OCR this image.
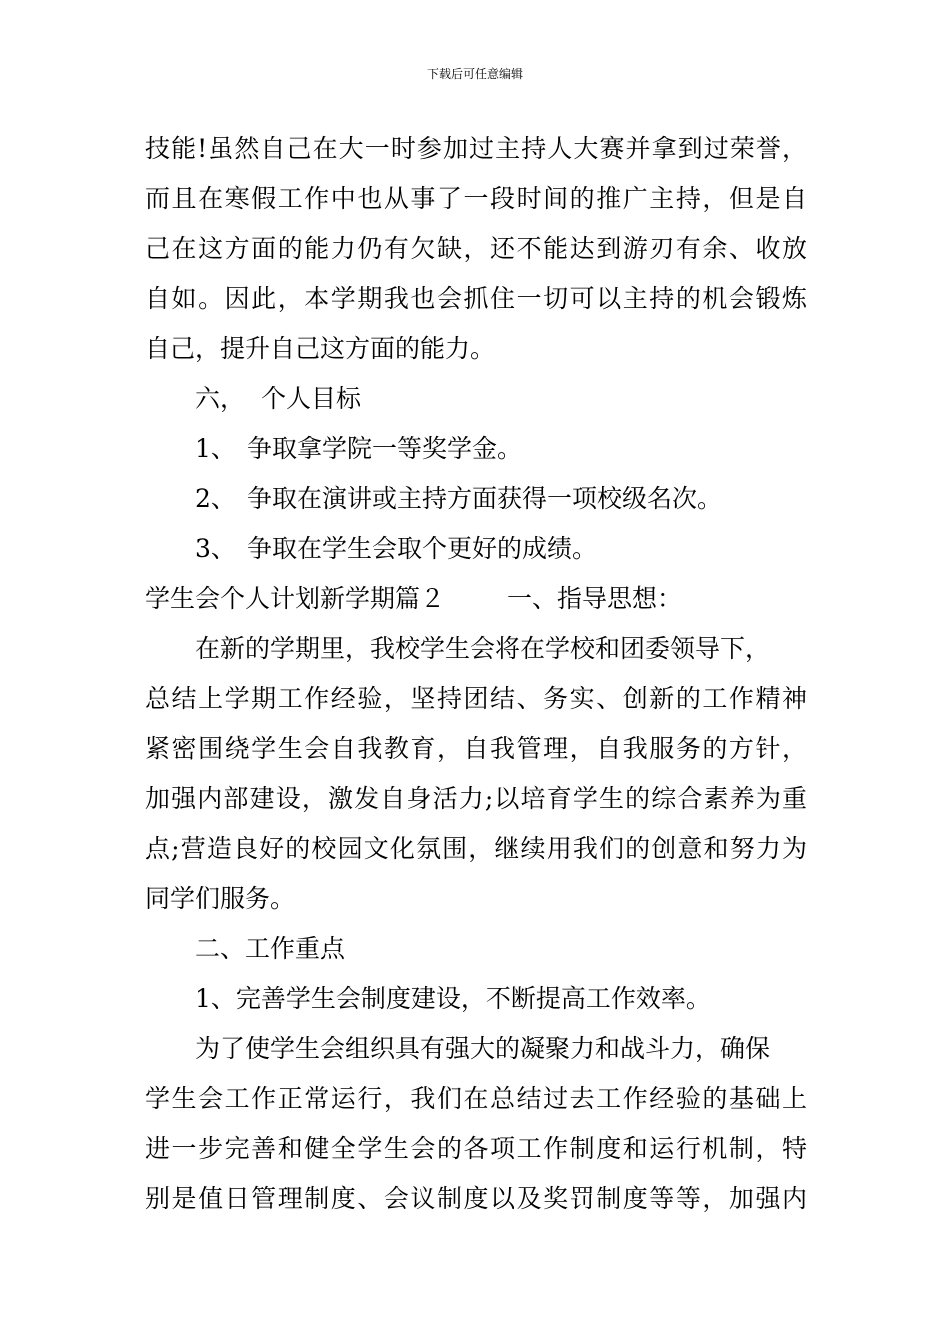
下载后可任意编辑
技能!虽然自己在大一时参加过主持人大赛并拿到过荣誉，
而且在寒假工作中也从事了一段时间的推广主持，但是自
己在这方面的能力仍有欠缺，还不能达到游刃有余、收放
自如。因此，本学期我也会抓住一切可以主持的机会锻炼
自己，提升自己这方面的能力。
六， 个人目标
1、 争取拿学院一等奖学金。
2、 争取在演讲或主持方面获得一项校级名次。
3、 争取在学生会取个更好的成绩。
学生会个人计划新学期篇２ 一、指导思想：
在新的学期里，我校学生会将在学校和团委领导下，
总结上学期工作经验，坚持团结、务实、创新的工作精神
紧密围绕学生会自我教育，自我管理，自我服务的方针，
加强内部建设，激发自身活力;以培育学生的综合素养为重
点;营造良好的校园文化氛围，继续用我们的创意和努力为
同学们服务。
二、工作重点
1、完善学生会制度建设，不断提高工作效率。
为了使学生会组织具有强大的凝聚力和战斗力，确保
学生会工作正常运行，我们在总结过去工作经验的基础上
进一步完善和健全学生会的各项工作制度和运行机制，特
别是值日管理制度、会议制度以及奖罚制度等等，加强内
